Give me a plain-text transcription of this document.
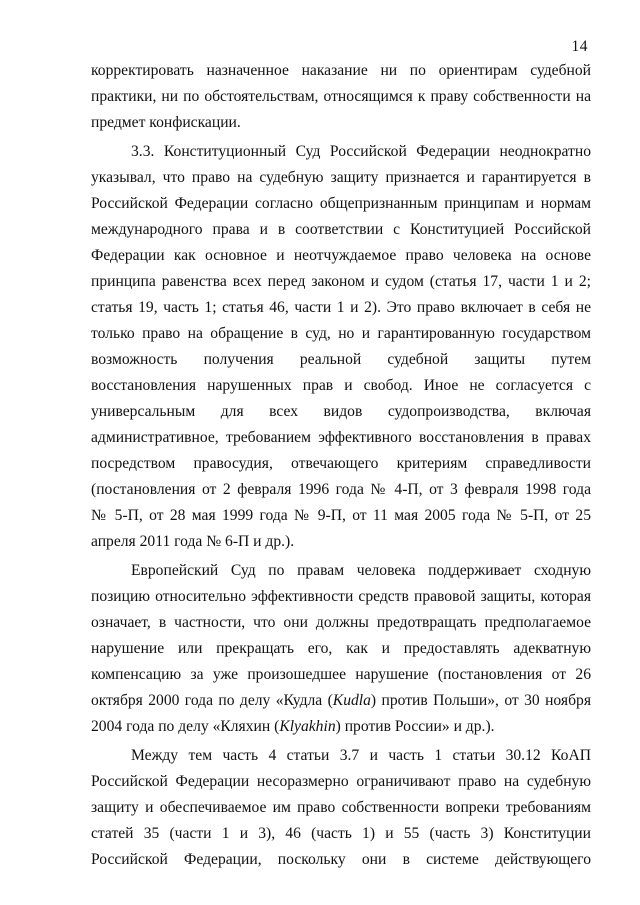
14
корректировать назначенное наказание ни по ориентирам судебной
практики, ни по обстоятельствам, относящимся к праву собственности на
предмет конфискации.
3.3. Конституционный Суд Российской Федерации неоднократно
указывал, что право на судебную защиту признается и гарантируется в
Российской Федерации согласно общепризнанным принципам и нормам
международного права и в соответствии с Конституцией Российской
Федерации как основное и неотчуждаемое право человека на основе
принципа равенства всех перед законом и судом (статья 17, части 1 и 2;
статья 19, часть 1; статья 46, части 1 и 2). Это право включает в себя не
только право на обращение в суд, но и гарантированную государством
возможность получения реальной судебной защиты путем
восстановления нарушенных прав и свобод. Иное не согласуется с
универсальным для всех видов судопроизводства, включая
административное, требованием эффективного восстановления в правах
посредством правосудия, отвечающего критериям справедливости
(постановления от 2 февраля 1996 года № 4-П, от 3 февраля 1998 года
№ 5-П, от 28 мая 1999 года № 9-П, от 11 мая 2005 года № 5-П, от 25
апреля 2011 года № 6-П и др.).
Европейский Суд по правам человека поддерживает сходную
позицию относительно эффективности средств правовой защиты, которая
означает, в частности, что они должны предотвращать предполагаемое
нарушение или прекращать его, как и предоставлять адекватную
компенсацию за уже произошедшее нарушение (постановления от 26
октября 2000 года по делу «Кудла (Kudla) против Польши», от 30 ноября
2004 года по делу «Кляхин (Klyakhin) против России» и др.).
Между тем часть 4 статьи 3.7 и часть 1 статьи 30.12 КоАП
Российской Федерации несоразмерно ограничивают право на судебную
защиту и обеспечиваемое им право собственности вопреки требованиям
статей 35 (части 1 и 3), 46 (часть 1) и 55 (часть 3) Конституции
Российской Федерации, поскольку они в системе действующего
